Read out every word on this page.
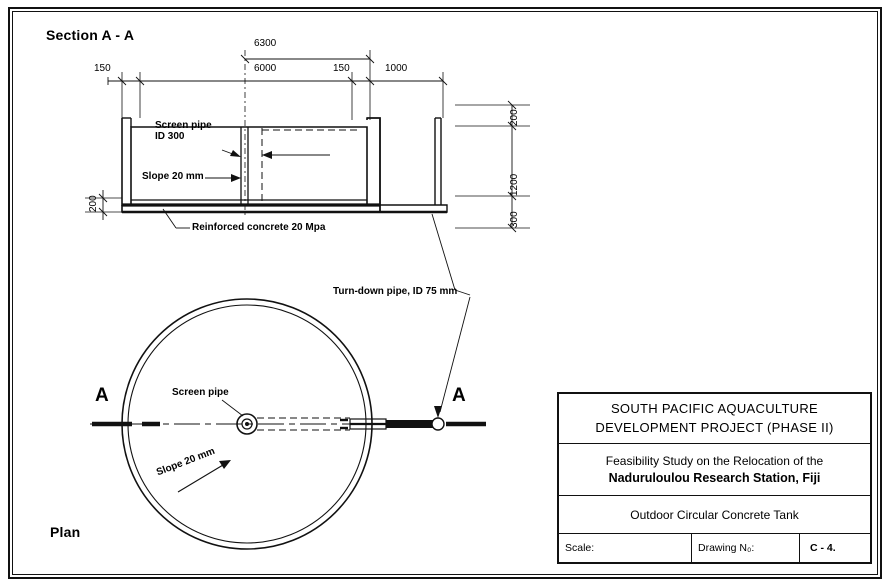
Section A - A
6300
6000
150	150	1000
200
1200
300
200
Screen pipe
ID 300
Slope 20 mm
Reinforced concrete 20 Mpa
Turn-down pipe, ID 75 mm
A	A
Screen pipe
Slope 20 mm
Plan
SOUTH PACIFIC AQUACULTURE
DEVELOPMENT PROJECT (PHASE II)
Feasibility Study on the Relocation of the
Naduruloulou Research Station, Fiji
Outdoor Circular Concrete Tank
Scale:	Drawing N₀:	C - 4.
